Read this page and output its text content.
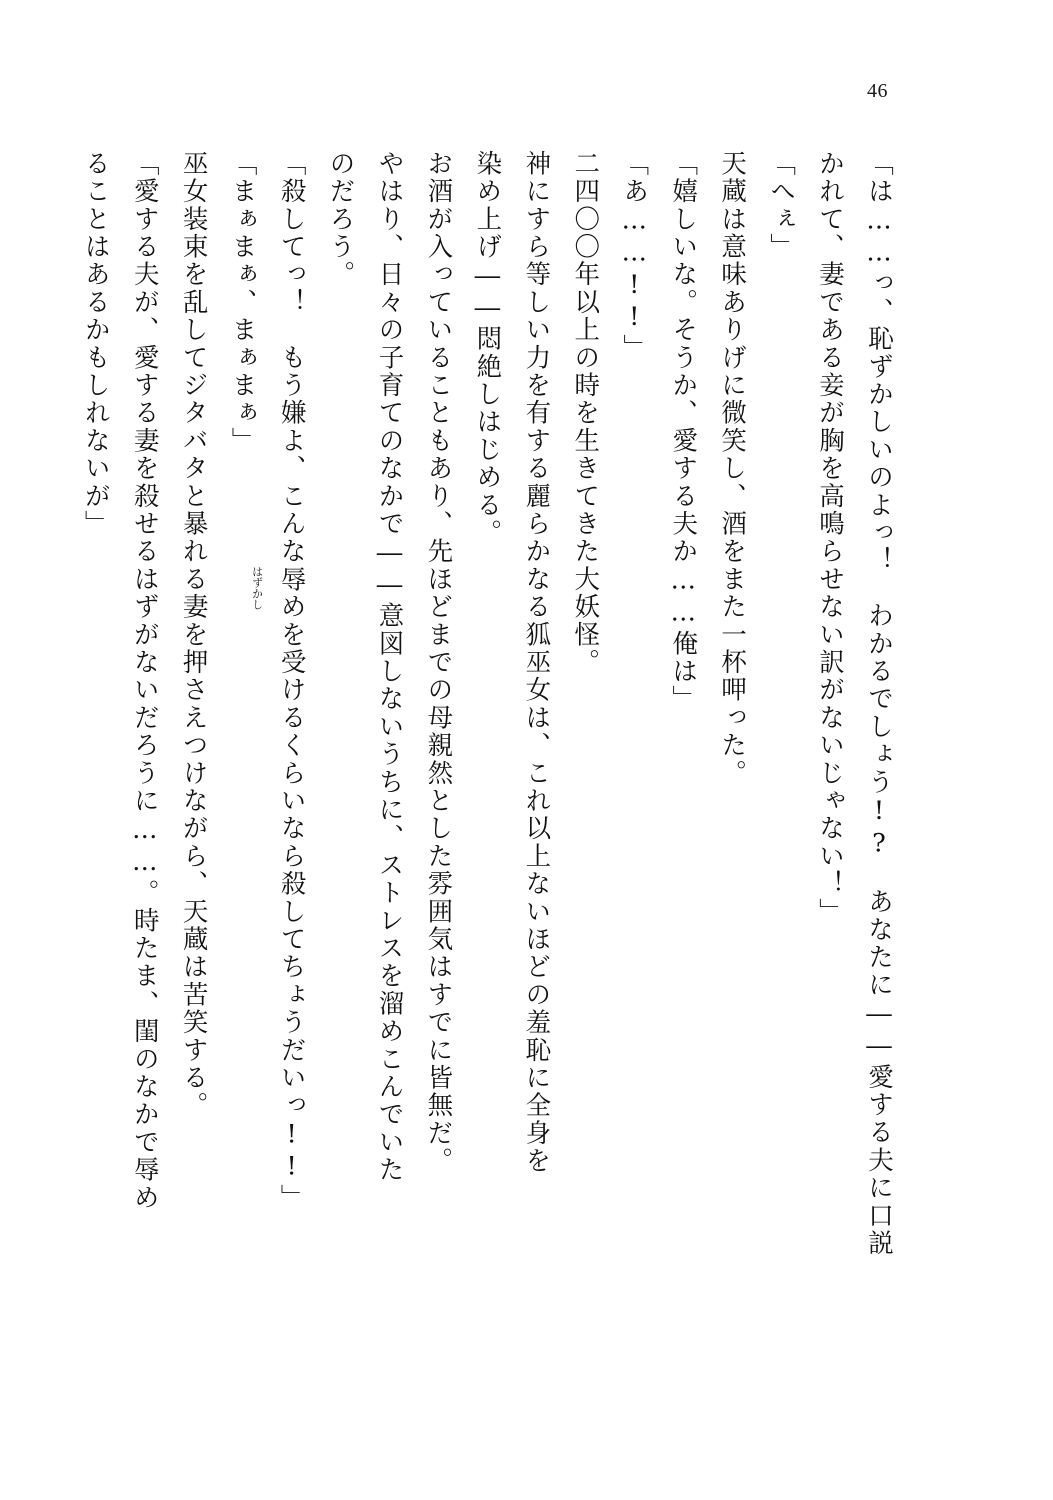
46
「は……っ、恥ずかしいのよっ！　わかるでしょう!?　あなたに――愛する夫に口説
かれて、妻である妾が胸を高鳴らせない訳がないじゃない！」
「へぇ」
天蔵は意味ありげに微笑し、酒をまた一杯呷った。
「嬉しいな。そうか、愛する夫か……俺は」
「あ……!!」
二四〇〇年以上の時を生きてきた大妖怪。
神にすら等しい力を有する麗らかなる狐巫女は、これ以上ないほどの羞恥に全身を
染め上げ――悶絶しはじめる。
お酒が入っていることもあり、先ほどまでの母親然とした雰囲気はすでに皆無だ。
やはり、日々の子育てのなかで――意図しないうちに、ストレスを溜めこんでいた
のだろう。
「殺してっ！　もう嫌よ、こんな
はずかし 辱めを受けるくらいなら殺してちょうだいっ!!」
「まぁまぁ、まぁまぁ」
巫女装束を乱してジタバタと暴れる妻を押さえつけながら、天蔵は苦笑する。
「愛する夫が、愛する妻を殺せるはずがないだろうに……。時たま、閨のなかで辱め
ることはあるかもしれないが」
